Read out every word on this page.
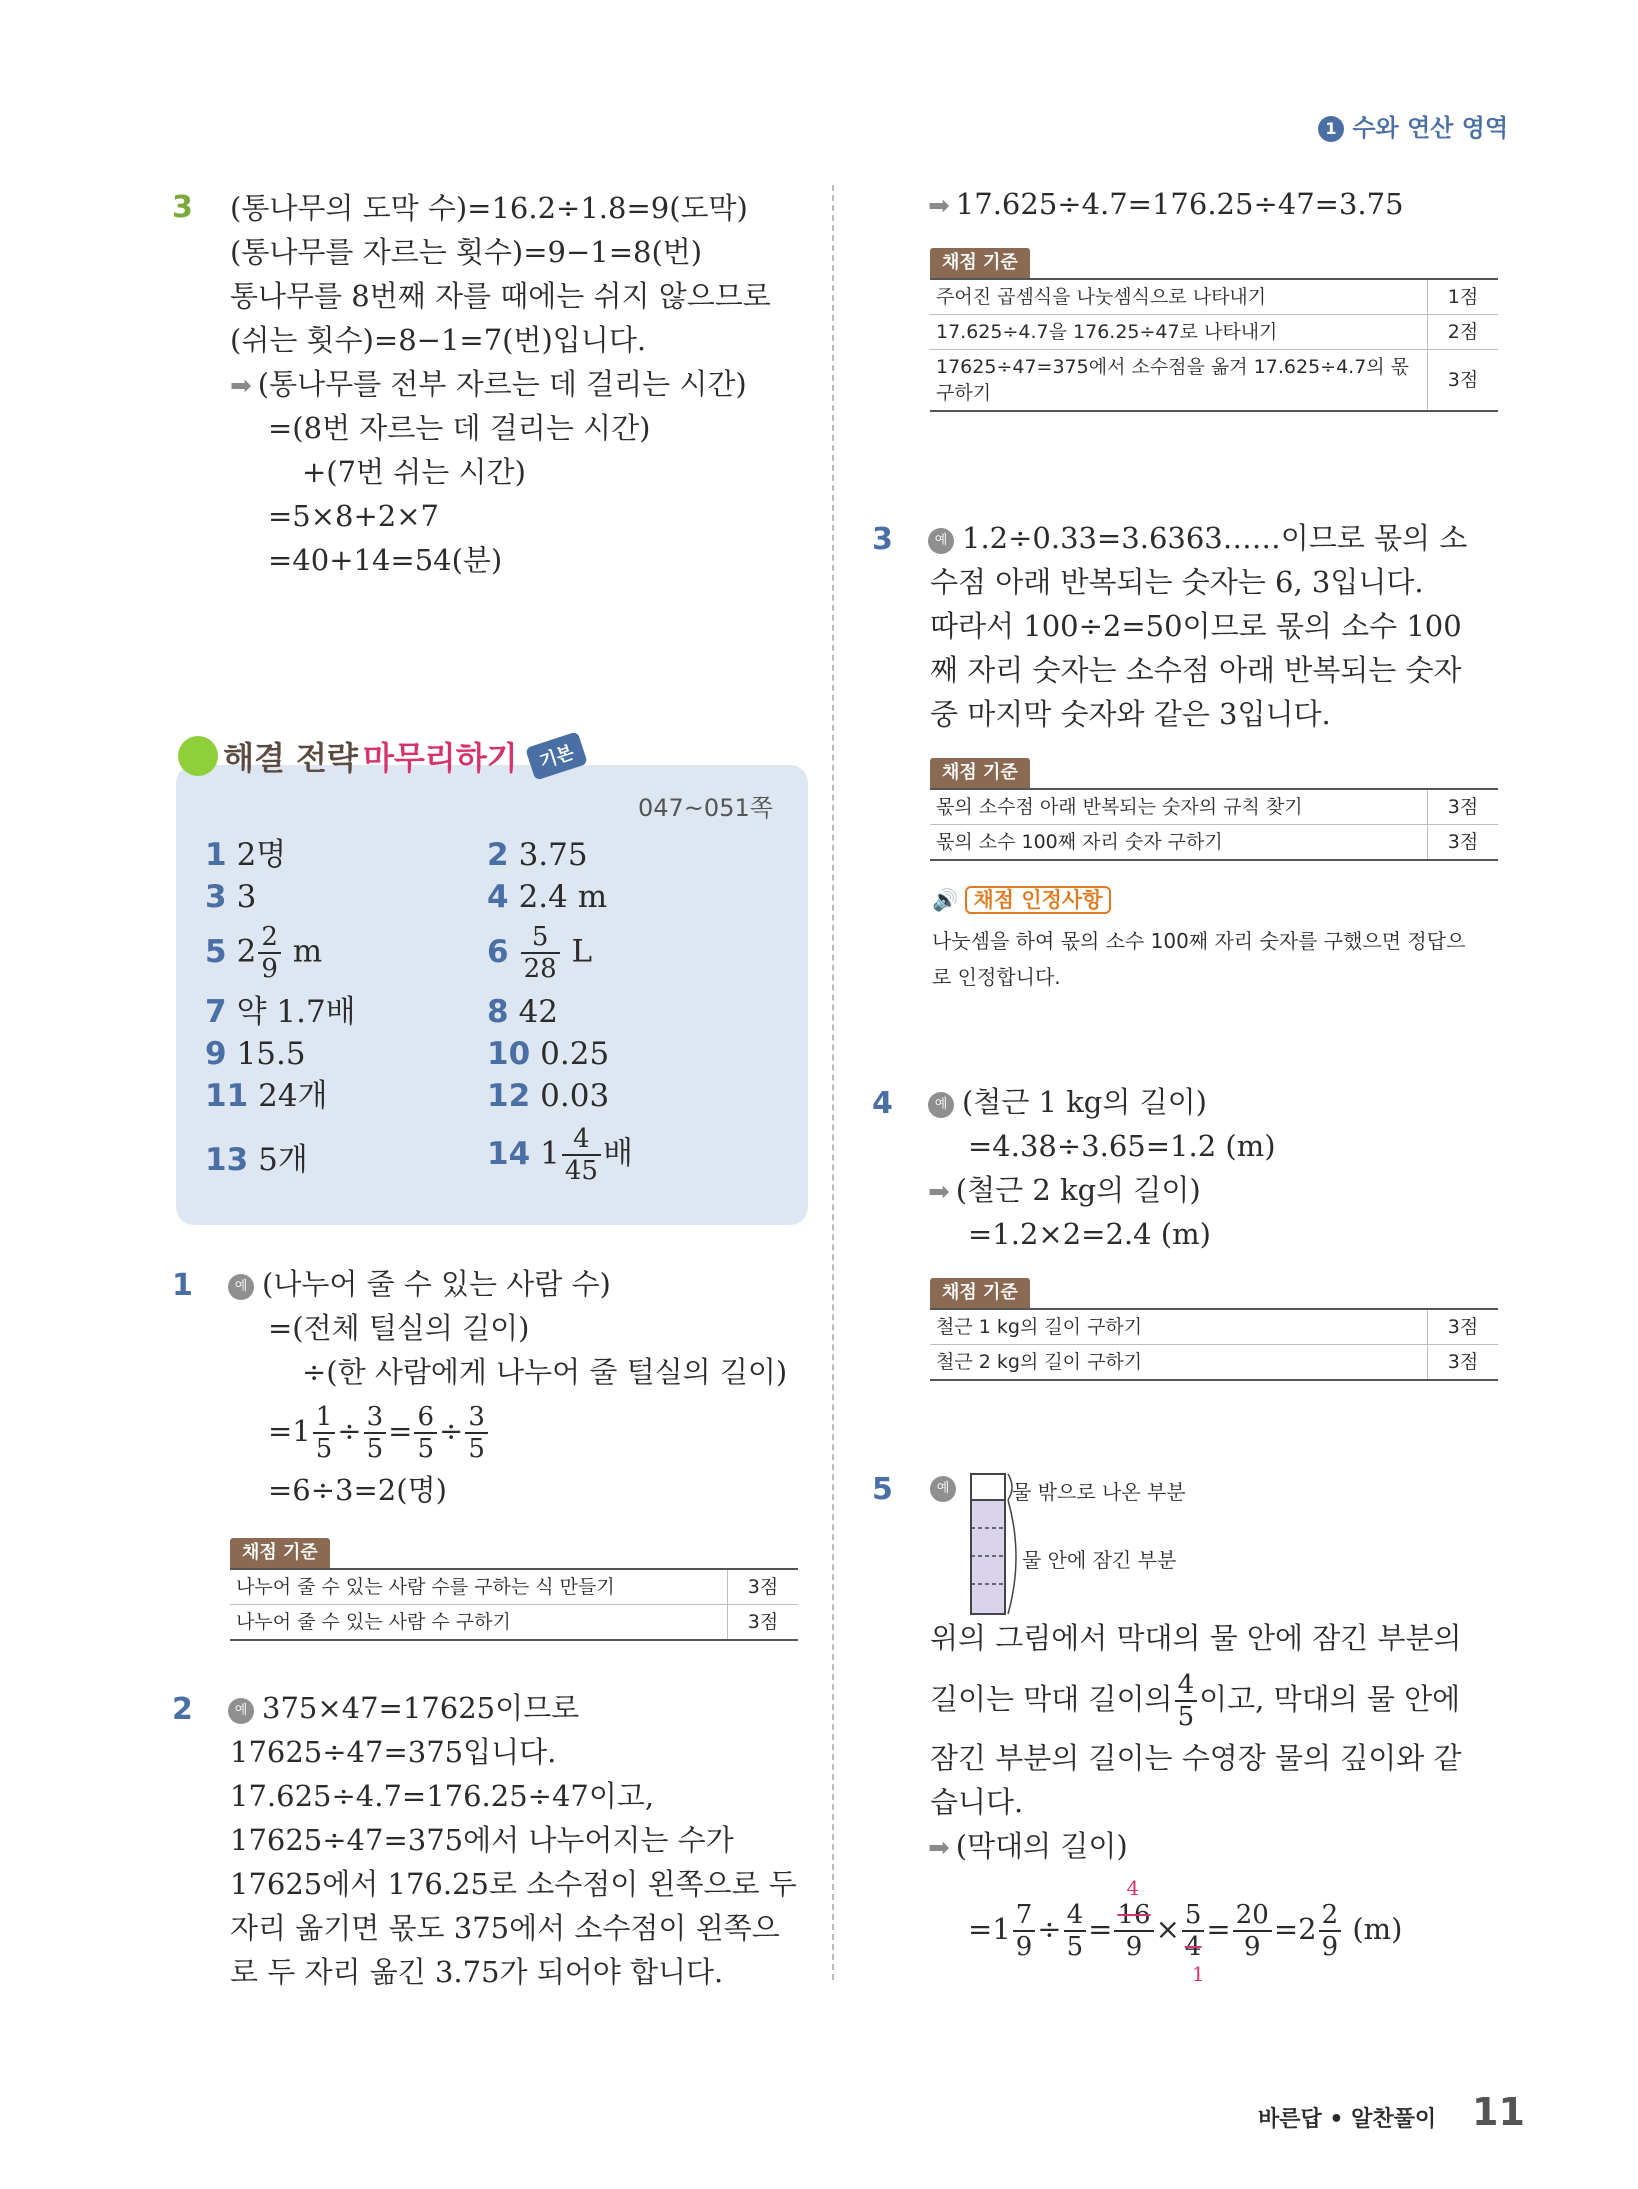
1 수와 연산 영역
3 (통나무의 도막 수)=16.2÷1.8=9(도막)
(통나무를 자르는 횟수)=9−1=8(번)
통나무를 8번째 자를 때에는 쉬지 않으므로
(쉬는 횟수)=8−1=7(번)입니다.
➡ (통나무를 전부 자르는 데 걸리는 시간)
=(8번 자르는 데 걸리는 시간)
+(7번 쉬는 시간)
=5×8+2×7
=40+14=54(분)
해결 전략 마무리하기 기본
047~051쪽
1 2명	2 3.75
3 3	4 2.4 m
5 $2 \frac{2}{9}$ m	$6 \frac{5}{28}$ L
7 약 1.7배	8 42
9 15.5	10 0.25
11 24개	12 0.03
13 5개	14 $1 \frac{4}{45}$ 배
1	예 (나누어 줄 수 있는 사람 수)
=(전체 털실의 길이)
÷(한 사람에게 나누어 줄 털실의 길이)
$=1 \frac{1}{5} \div \frac{3}{5} = \frac{6}{5} \div \frac{3}{5}$
=6÷3=2(명)
채점 기준
나누어 줄 수 있는 사람 수를 구하는 식 만들기	3점
나누어 줄 수 있는 사람 수 구하기	3점
2	예 375×47=17625이므로
17625÷47=375입니다.
17.625÷4.7=176.25÷47이고,
17625÷47=375에서 나누어지는 수가
17625에서 176.25로 소수점이 왼쪽으로 두
자리 옮기면 몫도 375에서 소수점이 왼쪽으
로 두 자리 옮긴 3.75가 되어야 합니다.
➡ 17.625÷4.7=176.25÷47=3.75
채점 기준
주어진 곱셈식을 나눗셈식으로 나타내기	1점
17.625÷4.7을 176.25÷47로 나타내기	2점
17625÷47=375에서 소수점을 옮겨 17.625÷4.7의 몫 구하기	3점
3	예 1.2÷0.33=3.6363……이므로 몫의 소
수점 아래 반복되는 숫자는 6, 3입니다.
따라서 100÷2=50이므로 몫의 소수 100
째 자리 숫자는 소수점 아래 반복되는 숫자
중 마지막 숫자와 같은 3입니다.
채점 기준
몫의 소수점 아래 반복되는 숫자의 규칙 찾기	3점
몫의 소수 100째 자리 숫자 구하기	3점
🔊 채점 인정사항
나눗셈을 하여 몫의 소수 100째 자리 숫자를 구했으면 정답으
로 인정합니다.
4	예 (철근 1 kg의 길이)
=4.38÷3.65=1.2 (m)
➡ (철근 2 kg의 길이)
=1.2×2=2.4 (m)
채점 기준
철근 1 kg의 길이 구하기	3점
철근 2 kg의 길이 구하기	3점
5	예	물 밖으로 나온 부분
물 안에 잠긴 부분
위의 그림에서 막대의 물 안에 잠긴 부분의
길이는 막대 길이의 $\frac{4}{5}$ 이고, 막대의 물 안에
잠긴 부분의 길이는 수영장 물의 깊이와 같
습니다.
➡ (막대의 길이)
$=1 \frac{7}{9} \div \frac{4}{5}$ =
4
16
9
× 5
4
1
= $\frac{20}{9} =2 \frac{2}{9} (m)$
바른답 • 알찬풀이 11
